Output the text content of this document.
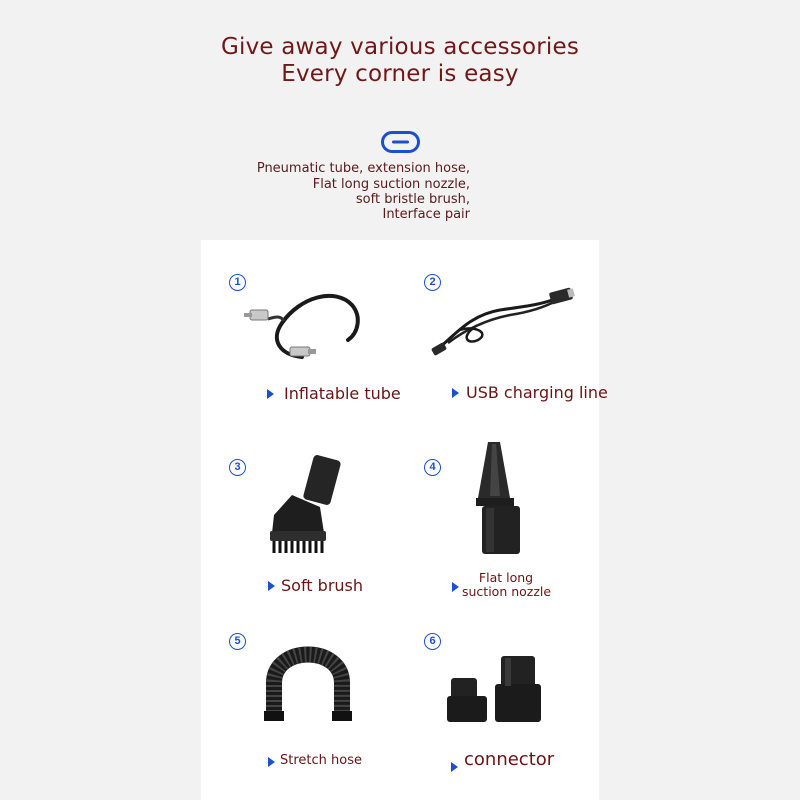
Give away various accessories
Every corner is easy
Pneumatic tube, extension hose,
Flat long suction nozzle,
soft bristle brush,
Interface pair
1
Inflatable tube
2
USB charging line
3
Soft brush
4
Flat long
suction nozzle
5
Stretch hose
6
connector
